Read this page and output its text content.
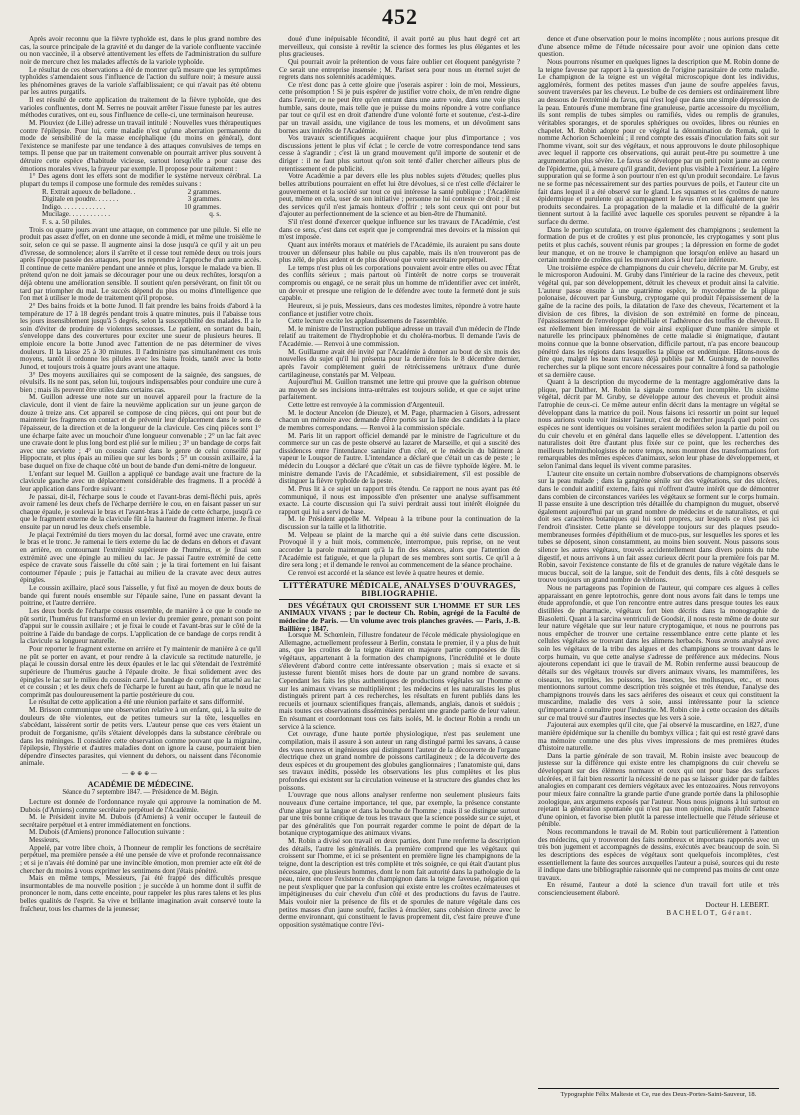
452

Après avoir reconnu que la fièvre typhoïde est, dans le plus grand nombre des cas, la source principale de la gravité et du danger de la variole confluente vaccinée ou non vaccinée, il a observé attentivement les effets de l'administration du sulfure noir de mercure chez les malades affectés de la variole typhoïde.

Le résultat de ces observations a été de montrer qu'à mesure que les symptômes typhoïdes s'amendaient sous l'influence de l'action du sulfure noir; à mesure aussi les phénomènes graves de la variole s'affaiblissaient; ce qui n'avait pas été obtenu par les autres purgatifs.

Il est résulté de cette application du traitement de la fièvre typhoïde, que des varioles confluentes, dont M. Serres ne pouvait arrêter l'issue funeste par les autres méthodes curatives, ont eu, sous l'influence de celle-ci, une terminaison heureuse.

M. Plouviez (de Lille) adresse un travail intitulé : Nouvelles vues thérapeutiques contre l'épilepsie. Pour lui, cette maladie n'est qu'une aberration permanente du mode de sensibilité de la masse encéphalique (du moins en général), dont l'existence se manifeste par une tendance à des attaques convulsives de temps en temps. Il pense que par un traitement convenable on pourrait arriver plus souvent à détruire cette espèce d'habitude vicieuse, surtout lorsqu'elle a pour cause des émotions morales vives, la frayeur par exemple. Il propose pour traitement :

1° Des agens dont les effets sont de modifier le système nerveux cérébral. La plupart du temps il compose une formule des remèdes suivans :

R. Extrait aqueux de belladone. .	2 grammes.
Digitale en poudre. . . . . . .	3 grammes.
Indigo. . . . . . . . . . . . .	10 grammes.
Mucilage. . . . . . . . . . . .	q. s.
F. s. a. 50 pilules.

Trois ou quatre jours avant une attaque, on commence par une pilule. Si elle ne produit pas assez d'effet, on en donne une seconde à midi, et même une troisième le soir, selon ce qui se passe. Il augmente ainsi la dose jusqu'à ce qu'il y ait un peu d'ivresse, de somnolence; alors il s'arrête et il cesse tout remède deux ou trois jours après l'époque passée des attaques, pour les reprendre à l'approche d'un autre accès. Il continue de cette manière pendant une année et plus, lorsque le malade va bien. Il prétend qu'on ne doit jamais se décourager pour une ou deux rechûtes, lorsqu'on a déjà obtenu une amélioration sensible. Il soutient qu'en persévérant, on finit tôt ou tard par triompher du mal. Le succès dépend du plus ou moins d'intelligence que l'on met à utiliser le mode de traitement qu'il propose.

2° Des bains froids et la botte Junod. Il fait prendre les bains froids d'abord à la température de 17 à 18 degrés pendant trois à quatre minutes, puis il l'abaisse tous les jours insensiblement jusqu'à 5 degrés, selon la susceptibilité des malades. Il a le soin d'éviter de produire de violentes secousses. Le patient, en sortant du bain, s'enveloppe dans des couvertures pour exciter une sueur de plusieurs heures. Il emploie encore la botte Junod avec l'attention de ne pas déterminer de vives douleurs. Il la laisse 25 à 30 minutes. Il l'administre pas simultanément ces trois moyens, tantôt il ordonne les pilules avec les bains froids, tantôt avec la botte Junod, et toujours trois à quatre jours avant une attaque.

3° Des moyens auxiliaires qui se composent de la saignée, des sangsues, de révulsifs. Ils ne sont pas, selon lui, toujours indispensables pour conduire une cure à bien ; mais ils peuvent être utiles dans certains cas.

M. Guillon adresse une note sur un nouvel appareil pour la fracture de la clavicule, dont il vient de faire la neuvième application sur un jeune garçon de douze à treize ans. Cet appareil se compose de cinq pièces, qui ont pour but de maintenir les fragmens en contact et de prévenir leur déplacement dans le sens de l'épaisseur, de la direction et de la longueur de la clavicule. Ces cinq pièces sont 1° une écharpe faite avec un mouchoir d'une longueur convenable ; 2° un lac fait avec une cravate dont le plus long bord est plié sur le milieu ; 3° un bandage de corps fait avec une serviette ; 4° un coussin carré dans le genre de celui conseillé par Hippocrate, et plus épais au milieu que sur les bords ; 5° un coussin axillaire, à la base duquel on fixe de chaque côté un bout de bande d'un demi-mètre de longueur.

L'enfant sur lequel M. Guillon a appliqué ce bandage avait une fracture de la clavicule gauche avec un déplacement considérable des fragmens. Il a procédé à leur application dans l'ordre suivant :

Je passai, dit-il, l'écharpe sous le coude et l'avant-bras demi-fléchi puis, après avoir ramené les deux chefs de l'écharpe derrière le cou, en en faisant passer un sur chaque épaule, je soulevai le bras et l'avant-bras à l'aide de cette écharpe, jusqu'à ce que le fragment externe de la clavicule fût à la hauteur du fragment interne. Je fixai ensuite par un nœud les deux chefs ensemble.

Je plaçai l'extrémité du tiers moyen du lac dorsal, formé avec une cravate, entre le bras et le tronc. Je ramenai le tiers externe du lac de dedans en dehors et d'avant en arrière, en contournant l'extrémité supérieure de l'humérus, et je fixai son extrémité avec une épingle au milieu du lac. Je passai l'autre extrémité de cette espèce de cravate sous l'aisselle du côté sain ; je la tirai fortement en lui faisant contourner l'épaule ; puis je l'attachai au milieu de la cravate avec deux autres épingles.

Le coussin axillaire, placé sous l'aisselle, y fut fixé au moyen de deux bouts de bande qui furent noués ensemble sur l'épaule saine, l'une en passant devant la poitrine, et l'autre derrière.

Les deux bords de l'écharpe cousus ensemble, de manière à ce que le coude ne pût sortir, l'humérus fut transformé en un levier du premier genre, prenant son point d'appui sur le coussin axillaire ; et je fixai le coude et l'avant-bras sur le côté de la poitrine à l'aide du bandage de corps. L'application de ce bandage de corps rendit à la clavicule sa longueur naturelle.

Pour reporter le fragment externe en arrière et l'y maintenir de manière à ce qu'il ne pût se porter en avant, et pour rendre à la clavicule sa rectitude naturelle, je plaçai le coussin dorsal entre les deux épaules et le lac qui s'étendait de l'extrémité supérieure de l'humérus gauche à l'épaule droite. Je fixai solidement avec des épingles le lac sur le milieu du coussin carré. Le bandage de corps fut attaché au lac et ce coussin ; et les deux chefs de l'écharpe le furent au haut, afin que le nœud ne comprimât pas douloureusement la partie postérieure du cou.

Le résultat de cette application a été une réunion parfaite et sans difformité.

M. Brisson communique une observation relative à un enfant, qui, à la suite de douleurs de tête violentes, eut de petites tumeurs sur la tête, lesquelles en s'abcédant, laissèrent sortir de petits vers. L'auteur pense que ces vers étaient un produit de l'organisme, qu'ils s'étaient développés dans la substance cérébrale ou dans les méninges. Il considère cette observation comme pouvant que la migraine, l'épilepsie, l'hystérie et d'autres maladies dont on ignore la cause, pourraient bien dépendre d'insectes parasites, qui viennent du dehors, ou naissent dans l'économie animale.

—⊕⊕⊕—
ACADÉMIE DE MÉDECINE.
Séance du 7 septembre 1847. — Présidence de M. Bégin.

Lecture est donnée de l'ordonnance royale qui approuve la nomination de M. Dubois (d'Amiens) comme secrétaire perpétuel de l'Académie.

M. le Président invite M. Dubois (d'Amiens) à venir occuper le fauteuil de secrétaire perpétuel et à entrer immédiatement en fonctions.

M. Dubois (d'Amiens) prononce l'allocution suivante :

Messieurs,

Appelé, par votre libre choix, à l'honneur de remplir les fonctions de secrétaire perpétuel, ma première pensée a été une pensée de vive et profonde reconnaissance ; et si je n'avais été dominé par une invincible émotion, mon premier acte eût été de chercher du moins à vous exprimer les sentimens dont j'étais pénétré.

Mais en même temps, Messieurs, j'ai été frappé des difficultés presque insurmontables de ma nouvelle position ; je succède à un homme dont il suffit de prononcer le nom, dans cette enceinte, pour rappeler les plus rares talens et les plus belles qualités de l'esprit. Sa vive et brillante imagination avait conservé toute la fraîcheur, tous les charmes de la jeunesse;

doué d'une inépuisable fécondité, il avait porté au plus haut degré cet art merveilleux, qui consiste à revêtir la science des formes les plus élégantes et les plus gracieuses.

Qui pourrait avoir la prétention de vous faire oublier cet éloquent panégyriste ? Ce serait une entreprise insensée ; M. Pariset sera pour nous un éternel sujet de regrets dans nos solennités académiques.

Ce n'est donc pas à cette gloire que j'oserais aspirer : loin de moi, Messieurs, cette présomption ! Si je puis espérer de justifier votre choix, de m'en rendre digne dans l'avenir, ce ne peut être qu'en entrant dans une autre voie, dans une voie plus humble, sans doute, mais telle que je puisse du moins répondre à votre confiance par tout ce qu'il est en droit d'attendre d'une volonté forte et soutenue, c'est-à-dire par un travail assidu, une vigilance de tous les momens, et un dévoûment sans bornes aux intérêts de l'Académie.

Vos travaux scientifiques acquièrent chaque jour plus d'importance ; vos discussions jettent le plus vif éclat ; le cercle de votre correspondance tend sans cesse à s'agrandir ; c'est là un grand mouvement qu'il importe de soutenir et de diriger : il ne faut plus surtout qu'on soit tenté d'aller chercher ailleurs plus de retentissement et de publicité.

Votre Académie a par devers elle les plus nobles sujets d'études; quelles plus belles attributions pourraient en effet lui être dévolues, si ce n'est celle d'éclairer le gouvernement et la société sur tout ce qui intéresse la santé publique ; l'Académie peut, même en cela, user de son initiative ; personne ne lui conteste ce droit ; il est des services qu'il n'est jamais honteux d'offrir ; tels sont ceux qui ont pour but d'ajouter au perfectionnement de la science et au bien-être de l'humanité.

S'il n'est donné d'exercer quelque influence sur les travaux de l'Académie, c'est dans ce sens, c'est dans cet esprit que je comprendrai mes devoirs et la mission qui m'est imposée.

Quant aux intérêts moraux et matériels de l'Académie, ils auraient pu sans doute trouver un défenseur plus habile ou plus capable, mais ils n'en trouveront pas de plus zélé, de plus ardent et de plus dévoué que votre secrétaire perpétuel.

Le temps n'est plus où les corporations pouvaient avoir entre elles ou avec l'État des conflits sérieux ; mais partout où l'intérêt de notre corps se trouverait compromis ou engagé, ce ne serait plus un homme de m'identifier avec cet intérêt, un devoir et presque une religion de le défendre avec toute la fermeté dont je suis capable.

Heureux, si je puis, Messieurs, dans ces modestes limites, répondre à votre haute confiance et justifier votre choix.

Cette lecture excite les applaudissemens de l'assemblée.

M. le ministre de l'instruction publique adresse un travail d'un médecin de l'Inde relatif au traitement de l'hydrophobie et du choléra-morbus. Il demande l'avis de l'Académie. — Renvoi à une commission.

M. Guillaume avait été invité par l'Académie à donner au bout de six mois des nouvelles du sujet qu'il lui présenta pour la dernière fois le 8 décembre dernier, après l'avoir complètement guéri de rétrécissemens urétraux d'une durée cartilagineuse, constatés par M. Velpeau.

Aujourd'hui M. Guillon transmet une lettre qui prouve que la guérison obtenue au moyen de ses incisions intra-urétrales est toujours solide, et que ce sujet urine parfaitement.

Cette lettre est renvoyée à la commission d'Argenteuil.

M. le docteur Ancelon (de Dieuze), et M. Page, pharmacien à Gisors, adressent chacun un mémoire avec demande d'être portés sur la liste des candidats à la place de membres correspondans. — Renvoi à la commission spéciale.

M. Paris lit un rapport officiel demandé par le ministre de l'agriculture et du commerce sur un cas de peste observé au lazaret de Marseille, et qui a suscité des dissidences entre l'intendance sanitaire d'un côté, et le médecin du bâtiment à vapeur le Louqsor de l'autre. L'intendance a déclaré que c'était un cas de peste ; le médecin du Louqsor a déclaré que c'était un cas de fièvre typhoïde légère. M. le ministre demande l'avis de l'Académie, et subsidiairement, s'il est possible de distinguer la fièvre typhoïde de la peste.

M. Prus lit à ce sujet un rapport très étendu. Ce rapport ne nous ayant pas été communiqué, il nous est impossible d'en présenter une analyse suffisamment exacte. La courte discussion qui l'a suivi perdrait aussi tout intérêt éloignée du rapport qui lui a servi de base.

M. le Président appelle M. Velpeau à la tribune pour la continuation de la discussion sur la taille et la lithotritie.

M. Velpeau se plaint de la marche qui a été suivie dans cette discussion. Provoqué il y a huit mois, commencée, interrompue, puis reprise, on ne veut accorder la parole maintenant qu'à la fin des séances, alors que l'attention de l'Académie est fatiguée, et que la plupart de ses membres sont sortis. Ce qu'il a à dire sera long ; et il demande le renvoi au commencement de la séance prochaine.

Ce renvoi est accordé et la séance est levée à quatre heures et demie.

LITTÉRATURE MÉDICALE, ANALYSES D'OUVRAGES, BIBLIOGRAPHIE.

DES VÉGÉTAUX QUI CROISSENT SUR L'HOMME ET SUR LES ANIMAUX VIVANS ; par le docteur Ch. Robin, agrégé de la Faculté de médecine de Paris. — Un volume avec trois planches gravées. — Paris, J.-B. Baillière ; 1847.

Lorsque M. Schœnlein, l'illustre fondateur de l'école médicale physiologique en Allemagne, actuellement professeur à Berlin, constata le premier, il y a plus de huit ans, que les croûtes de la teigne étaient en majeure partie composées de fils végétaux, appartenant à la formation des champignons, l'incrédulité et le doute s'élevèrent d'abord contre cette intéressante observation ; mais si exacte et si justesse furent bientôt mises hors de doute par un grand nombre de savans. Cependant les faits les plus authentiques de productions végétales sur l'homme et sur les animaux vivans se multiplièrent ; les médecins et les naturalistes les plus distingués prirent part à ces recherches, les résultats en furent publiés dans les recueils et journaux scientifiques français, allemands, anglais, danois et suédois ; mais toutes ces observations disséminées perdaient une grande partie de leur valeur. En résumant et coordonnant tous ces faits isolés, M. le docteur Robin a rendu un service à la science.

Cet ouvrage, d'une haute portée physiologique, n'est pas seulement une compilation, mais il assure à son auteur un rang distingué parmi les savans, à cause des vues neuves et ingénieuses qui distinguent l'auteur de la découverte de l'organe électrique chez un grand nombre de poissons cartilagineux ; de la découverte des deux espèces et du groupement des globules ganglionnaires ; l'anatomiste qui, dans ses travaux inédits, possède les observations les plus complètes et les plus profondes qui existent sur la circulation veineuse et la structure des glandes chez les poissons.

L'ouvrage que nous allons analyser renferme non seulement plusieurs faits nouveaux d'une certaine importance, tel que, par exemple, la présence constante d'une algue sur la langue et dans la bouche de l'homme ; mais il se distingue surtout par une très bonne critique de tous les travaux que la science possède sur ce sujet, et par des généralités que l'on pourrait regarder comme le point de départ de la botanique cryptogamique des animaux vivans.

M. Robin a divisé son travail en deux parties, dont l'une renferme la description des détails, l'autre les généralités. La première comprend que les végétaux qui croissent sur l'homme, et ici se présentent en première ligne les champignons de la teigne, dont la description est très complète et très soignée, ce qui était d'autant plus nécessaire, que plusieurs hommes, dont le nom fait autorité dans la pathologie de la peau, nient encore l'existence du champignon dans la teigne faveuse, négation qui ne peut s'expliquer que par la confusion qui existe entre les croûtes eczémateuses et impétigineuses du cuir chevelu d'un côté et des productions du favus de l'autre. Mais vouloir nier la présence de fils et de sporules de nature végétale dans ces petites masses d'un jaune soufré, faciles à énucléer, sans cohésion directe avec le derme environnant, qui constituent le favus proprement dit, c'est faire preuve d'une opposition systématique contre l'évi-

dence et d'une observation pour le moins incomplète ; nous aurions presque dit d'une absence même de l'étude nécessaire pour avoir une opinion dans cette question.

Nous pourrons résumer en quelques lignes la description que M. Robin donne de la teigne faveuse par rapport à la question de l'origine parasitaire de cette maladie. Le champignon de la teigne est un végétal microscopique dont les individus, agglomérés, forment des petites masses d'un jaune de soufre appelées favus, souvent traversées par les cheveux. Le bulbe de ces derniers est ordinairement libre au dessous de l'extrémité du favus, qui n'est logé que dans une simple dépression de la peau. Entourés d'une membrane fine granuleuse, partie accessoire du mycélium, ils sont remplis de tubes simples ou ramifiés, vides ou remplis de granules, véritables sporanges, et de sporules sphériques ou ovoïdes, libres ou réunies en chapelet. M. Robin adopte pour ce végétal la dénomination de Remak, qui le nomme Achorion Schoenleini ; il rend compte des essais d'inoculation faits soit sur l'homme vivant, soit sur des végétaux, et nous approuvons le doute philosophique avec lequel il rapporte ces observations, qui aurait peut-être pu soumettre à une argumentation plus sévère. Le favus se développe par un petit point jaune au centre de l'épiderme, qui, à mesure qu'il grandit, devient plus visible à l'extérieur. La légère suppuration qui se forme à son pourtour n'en est qu'un produit secondaire. Le favus ne se forme pas nécessairement sur des parties pourvues de poils, et l'auteur cite un fait dans lequel il a été observé sur le gland. Les squames et les croûtes de nature épidermique et purulente qui accompagnent le favus n'en sont également que les produits secondaires. La propagation de la maladie et la difficulté de la guérir tiennent surtout à la facilité avec laquelle ces sporules peuvent se répandre à la surface du derme.

Dans le porrigo scutulata, on trouve également des champignons ; seulement la formation de pus et de croûtes y est plus prononcée, les cryptogames y sont plus petits et plus cachés, souvent réunis par groupes ; la dépression en forme de godet leur manque, et on ne trouve le champignon que lorsqu'on enlève au hasard un certain nombre de croûtes qui les mouvent alors à leur face inférieure.

Une troisième espèce de champignons du cuir chevelu, décrite par M. Gruby, est le microsporon Audouini. M. Gruby dans l'intérieur de la racine des cheveux, petit végétal qui, par son développement, détruit les cheveux et produit ainsi la calvitie. L'auteur passe ensuite à une quatrième espèce, le mycoderme de la plique polonaise, découvert par Gunsburg, cryptogame qui produit l'épaississement de la gaîne de la racine des poils, la dilatation de l'axe des cheveux, l'écartement et la division de ces fibres, la division de son extrémité en forme de pinceau, l'épaississement de l'enveloppe épithéliale et l'adhérence des touffes de cheveux. Il est réellement bien intéressant de voir ainsi expliquer d'une manière simple et naturelle les principaux phénomènes de cette maladie si énigmatique, d'autant moins connue que la bonne observation, difficile partout, n'a pas encore beaucoup pénétré dans les régions dans lesquelles la plique est endémique. Hâtons-nous de dire que, malgré les beaux travaux déjà publiés par M. Gunsburg, de nouvelles recherches sur la plique sont encore nécessaires pour connaître à fond sa pathologie et sa dernière cause.

Quant à la description du mycoderme de la mentagre agglomérative dans la plique, par Dalther, M. Robin la signale comme fort incomplète. Un sixième végétal, décrit par M. Gruby, se développe autour des cheveux et produit ainsi l'atrophie de ceux-ci. Ce même auteur enfin décrit dans la mentagre un végétal se développant dans la matrice du poil. Nous faisons ici ressortir un point sur lequel nous aurions voulu voir insister l'auteur, c'est de rechercher jusqu'à quel point ces espèces ne sont identiques ou voisines seraient modifiées selon la partie du poil ou du cuir chevelu et en général dans laquelle elles se développent. L'attention des naturalistes doit être d'autant plus fixée sur ce point, que les recherches des meilleurs helminthologistes de notre temps, nous montrent des transformations fort remarquables des mêmes espèces d'animaux, selon leur phase de développement, et selon l'animal dans lequel ils vivent comme parasites.

L'auteur cite ensuite un certain nombre d'observations de champignons observés sur la peau malade ; dans la gangrène sénile sur des végétations, sur des ulcères, dans le conduit auditif externe, faits qui n'offrent d'autre intérêt que de démontrer dans combien de circonstances variées les végétaux se forment sur le corps humain. Il passe ensuite à une description très détaillée du champignon du muguet, observé également aujourd'hui par un grand nombre de médecins et de naturalistes, et qui doit ses caractères botaniques qui lui sont propres, sur lesquels ce n'est pas ici l'endroit d'insister. Cette plante se développe toujours sur des plaques pseudo-membraneuses formées d'épithélium et de muco-pus, sur lesquelles les spores et les tubes se déposent, sinon constamment, au moins bien souvent. Nous passons sous silence les autres végétaux, trouvés accidentellement dans divers points du tube digestif, et nous arrivons à un fait assez curieux décrit pour la première fois par M. Robin, savoir l'existence constante de fils et de granules de nature végétale dans le mucus buccal, soit de la langue, soit de l'enduit des dents, fils à côté desquels se trouve toujours un grand nombre de vibrions.

Nous ne partageons pas l'opinion de l'auteur, qui compare ces algues à celles apparaissant en genre leptotrochis, genre dont nous avons fait dans le temps une étude approfondie, et que l'on rencontre entre autres dans presque toutes les eaux distillées de pharmacie, végétaux fort bien décrits dans la monographie de Biasoletti. Quant à la sarcina ventriculi de Goodsir, il nous reste même de doute sur leur nature végétale que sur leur nature cryptogamique, et nous ne pourrons pas nous empêcher de trouver une certaine ressemblance entre cette plante et les cellules végétales se trouvant dans les alimens herbacés. Nous avons analysé avec soin les végétaux de la tribu des algues et des champignons se trouvant dans le corps humain, vu que cette analyse s'adresse de préférence aux médecins. Nous ajouterons cependant ici que le travail de M. Robin renferme aussi beaucoup de détails sur des végétaux trouvés sur divers animaux vivans, les mammifères, les oiseaux, les reptiles, les poissons, les insectes, les mollusques, etc., et nous mentionnons surtout comme description très soignée et très étendue, l'analyse des champignons trouvés dans les sacs aériferes des oiseaux et ceux qui constituent la muscardine, maladie des vers à soie, aussi intéressante pour la science qu'importante à connaître pour l'industrie. M. Robin cite à cette occasion des détails sur ce mal trouvé sur d'autres insectes que les vers à soie.

J'ajouterai aux exemples qu'il cite, que j'ai observé la muscardine, en 1827, d'une manière épidémique sur la chenille du bombyx villica ; fait qui est resté gravé dans ma mémoire comme une des plus vives impressions de mes premières études d'histoire naturelle.

Dans la partie générale de son travail, M. Robin insiste avec beaucoup de justesse sur la différence qui existe entre les champignons du cuir chevelu se développant sur des élémens normaux et ceux qui ont pour base des surfaces ulcérées, et il fait bien ressortir la nécessité de ne pas se laisser guider par de faibles analogies en comparant ces derniers végétaux avec les entozoaires. Nous renvoyons pour mieux faire connaître la grande partie d'une grande portée dans la philosophie zoologique, aux argumens exposés par l'auteur. Nous nous joignons à lui surtout en rejetant la génération spontanée qui n'est pas mon opinion, mais plutôt l'absence d'une opinion, et favorise bien plutôt la paresse intellectuelle que l'étude sérieuse et pénible.

Nous recommandons le travail de M. Robin tout particulièrement à l'attention des médecins, qui y trouveront des faits nombreux et importans rapportés avec un très bon jugement et accompagnés de dessins, exécutés avec beaucoup de soin. Si les descriptions des espèces de végétaux sont quelquefois incomplètes, c'est essentiellement la faute des sources auxquelles l'auteur a puisé, sources qui du reste il indique dans une bibliographie raisonnée qui ne comprend pas moins de cent onze travaux.

En résumé, l'auteur a doté la science d'un travail fort utile et très consciencieusement élaboré.

Docteur H. LEBERT.
BACHELOT, Gérant.
Typographie Félix Malteste et Ce, rue des Deux-Portes-Saint-Sauveur, 18.
